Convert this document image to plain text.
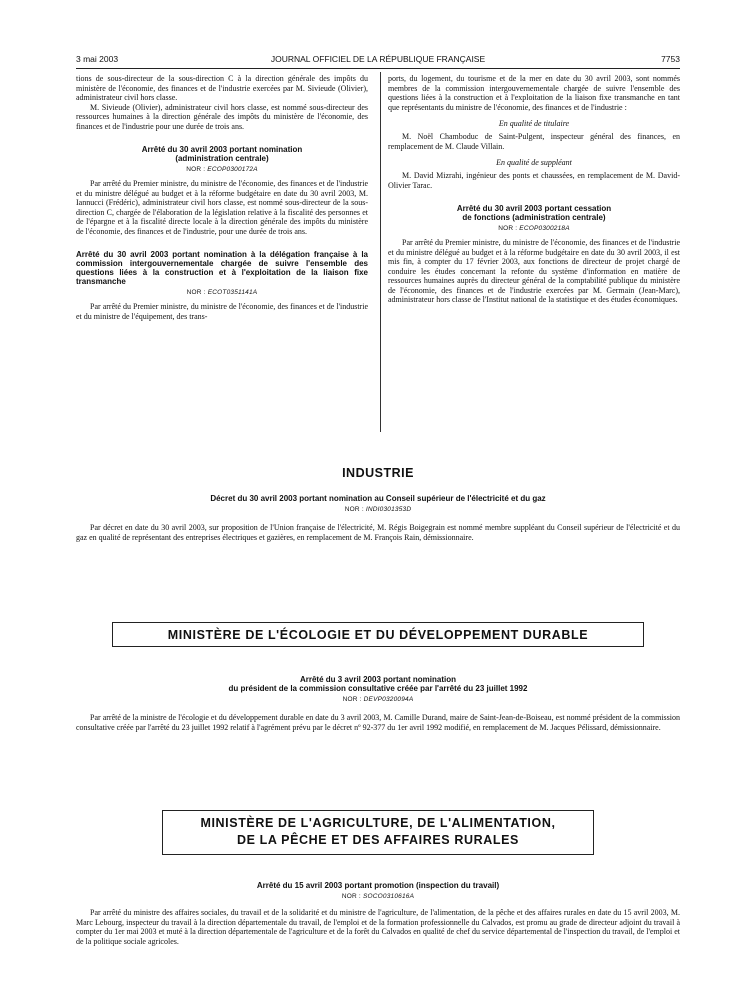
3 mai 2003	JOURNAL OFFICIEL DE LA RÉPUBLIQUE FRANÇAISE	7753

tions de sous-directeur de la sous-direction C à la direction générale des impôts du ministère de l'économie, des finances et de l'industrie exercées par M. Sivieude (Olivier), administrateur civil hors classe.

M. Sivieude (Olivier), administrateur civil hors classe, est nommé sous-directeur des ressources humaines à la direction générale des impôts du ministère de l'économie, des finances et de l'industrie pour une durée de trois ans.

Arrêté du 30 avril 2003 portant nomination
(administration centrale)
NOR : ECOP0300172A

Par arrêté du Premier ministre, du ministre de l'économie, des finances et de l'industrie et du ministre délégué au budget et à la réforme budgétaire en date du 30 avril 2003, M. Iannucci (Frédéric), administrateur civil hors classe, est nommé sous-directeur de la sous-direction C, chargée de l'élaboration de la législation relative à la fiscalité des personnes et de l'épargne et à la fiscalité directe locale à la direction générale des impôts du ministère de l'économie, des finances et de l'industrie, pour une durée de trois ans.

Arrêté du 30 avril 2003 portant nomination à la délégation française à la commission intergouvernementale chargée de suivre l'ensemble des questions liées à la construction et à l'exploitation de la liaison fixe transmanche
NOR : ECOT0351141A

Par arrêté du Premier ministre, du ministre de l'économie, des finances et de l'industrie et du ministre de l'équipement, des trans-

ports, du logement, du tourisme et de la mer en date du 30 avril 2003, sont nommés membres de la commission intergouvernementale chargée de suivre l'ensemble des questions liées à la construction et à l'exploitation de la liaison fixe transmanche en tant que représentants du ministre de l'économie, des finances et de l'industrie :

En qualité de titulaire

M. Noël Chamboduc de Saint-Pulgent, inspecteur général des finances, en remplacement de M. Claude Villain.

En qualité de suppléant

M. David Mizrahi, ingénieur des ponts et chaussées, en remplacement de M. David-Olivier Tarac.

Arrêté du 30 avril 2003 portant cessation
de fonctions (administration centrale)
NOR : ECOP0300218A

Par arrêté du Premier ministre, du ministre de l'économie, des finances et de l'industrie et du ministre délégué au budget et à la réforme budgétaire en date du 30 avril 2003, il est mis fin, à compter du 17 février 2003, aux fonctions de directeur de projet chargé de conduire les études concernant la refonte du système d'information en matière de ressources humaines auprès du directeur général de la comptabilité publique du ministère de l'économie, des finances et de l'industrie exercées par M. Germain (Jean-Marc), administrateur hors classe de l'Institut national de la statistique et des études économiques.

INDUSTRIE
Décret du 30 avril 2003 portant nomination au Conseil supérieur de l'électricité et du gaz
NOR : INDI0301353D

Par décret en date du 30 avril 2003, sur proposition de l'Union française de l'électricité, M. Régis Boigegrain est nommé membre suppléant du Conseil supérieur de l'électricité et du gaz en qualité de représentant des entreprises électriques et gazières, en remplacement de M. François Rain, démissionnaire.

MINISTÈRE DE L'ÉCOLOGIE ET DU DÉVELOPPEMENT DURABLE
Arrêté du 3 avril 2003 portant nomination
du président de la commission consultative créée par l'arrêté du 23 juillet 1992
NOR : DEVP0320094A

Par arrêté de la ministre de l'écologie et du développement durable en date du 3 avril 2003, M. Camille Durand, maire de Saint-Jean-de-Boiseau, est nommé président de la commission consultative créée par l'arrêté du 23 juillet 1992 relatif à l'agrément prévu par le décret nº 92-377 du 1er avril 1992 modifié, en remplacement de M. Jacques Pélissard, démissionnaire.

MINISTÈRE DE L'AGRICULTURE, DE L'ALIMENTATION,
DE LA PÊCHE ET DES AFFAIRES RURALES
Arrêté du 15 avril 2003 portant promotion (inspection du travail)
NOR : SOCO0310616A

Par arrêté du ministre des affaires sociales, du travail et de la solidarité et du ministre de l'agriculture, de l'alimentation, de la pêche et des affaires rurales en date du 15 avril 2003, M. Marc Lebourg, inspecteur du travail à la direction départementale du travail, de l'emploi et de la formation professionnelle du Calvados, est promu au grade de directeur adjoint du travail à compter du 1er mai 2003 et muté à la direction départementale de l'agriculture et de la forêt du Calvados en qualité de chef du service départemental de l'inspection du travail, de l'emploi et de la politique sociale agricoles.
